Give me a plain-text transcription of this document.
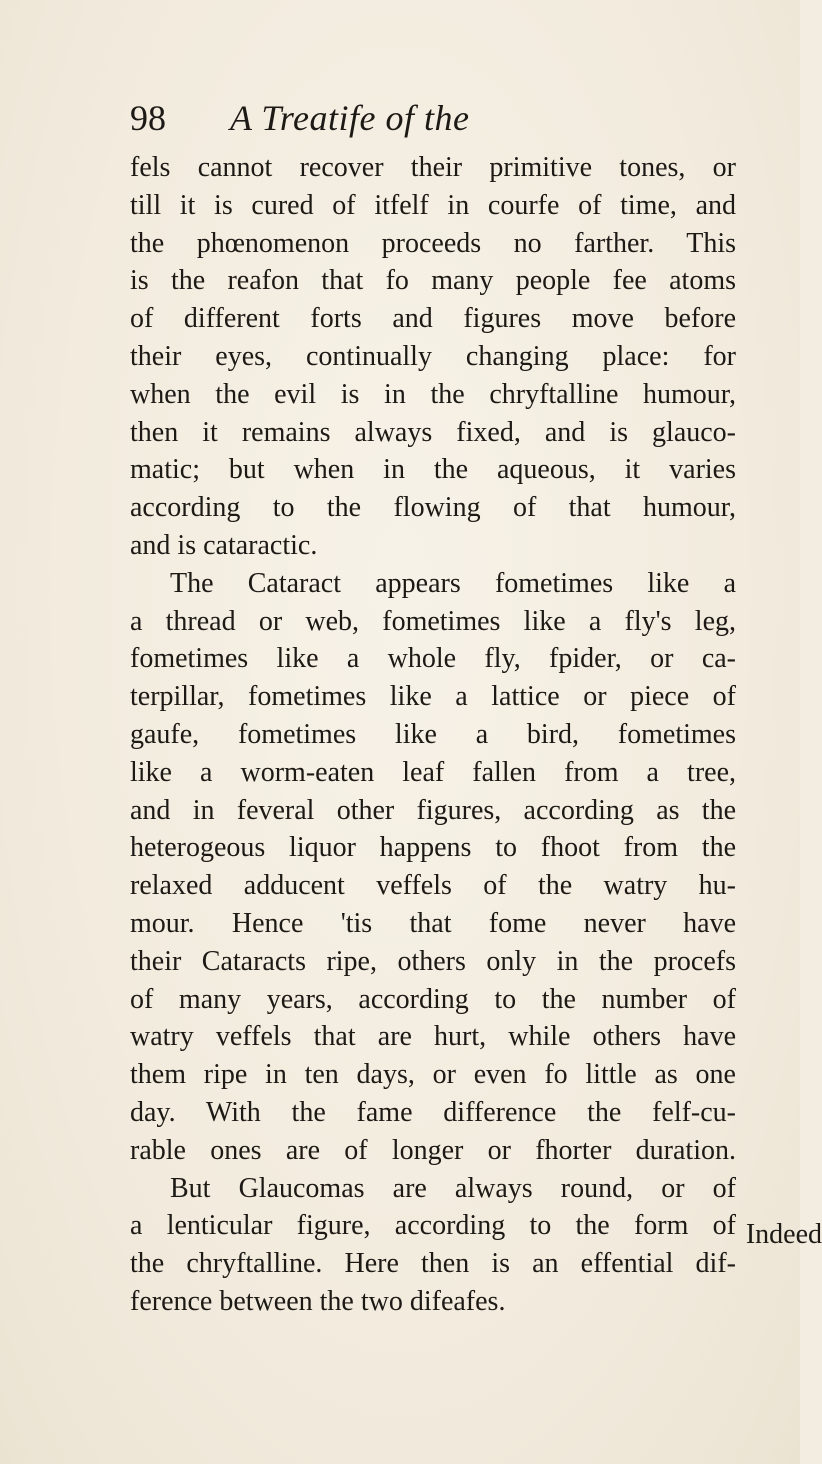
98 A Treatife of the
fels cannot recover their primitive tones, or
till it is cured of itfelf in courfe of time, and
the phœnomenon proceeds no farther. This
is the reafon that fo many people fee atoms
of different forts and figures move before
their eyes, continually changing place: for
when the evil is in the chryftalline humour,
then it remains always fixed, and is glauco-
matic; but when in the aqueous, it varies
according to the flowing of that humour,
and is cataractic.
The Cataract appears fometimes like a
a thread or web, fometimes like a fly's leg,
fometimes like a whole fly, fpider, or ca-
terpillar, fometimes like a lattice or piece of
gaufe, fometimes like a bird, fometimes
like a worm-eaten leaf fallen from a tree,
and in feveral other figures, according as the
heterogeous liquor happens to fhoot from the
relaxed adducent veffels of the watry hu-
mour. Hence 'tis that fome never have
their Cataracts ripe, others only in the procefs
of many years, according to the number of
watry veffels that are hurt, while others have
them ripe in ten days, or even fo little as one
day. With the fame difference the felf-cu-
rable ones are of longer or fhorter duration.
But Glaucomas are always round, or of
a lenticular figure, according to the form of
the chryftalline. Here then is an effential dif-
ference between the two difeafes.
Indeed
